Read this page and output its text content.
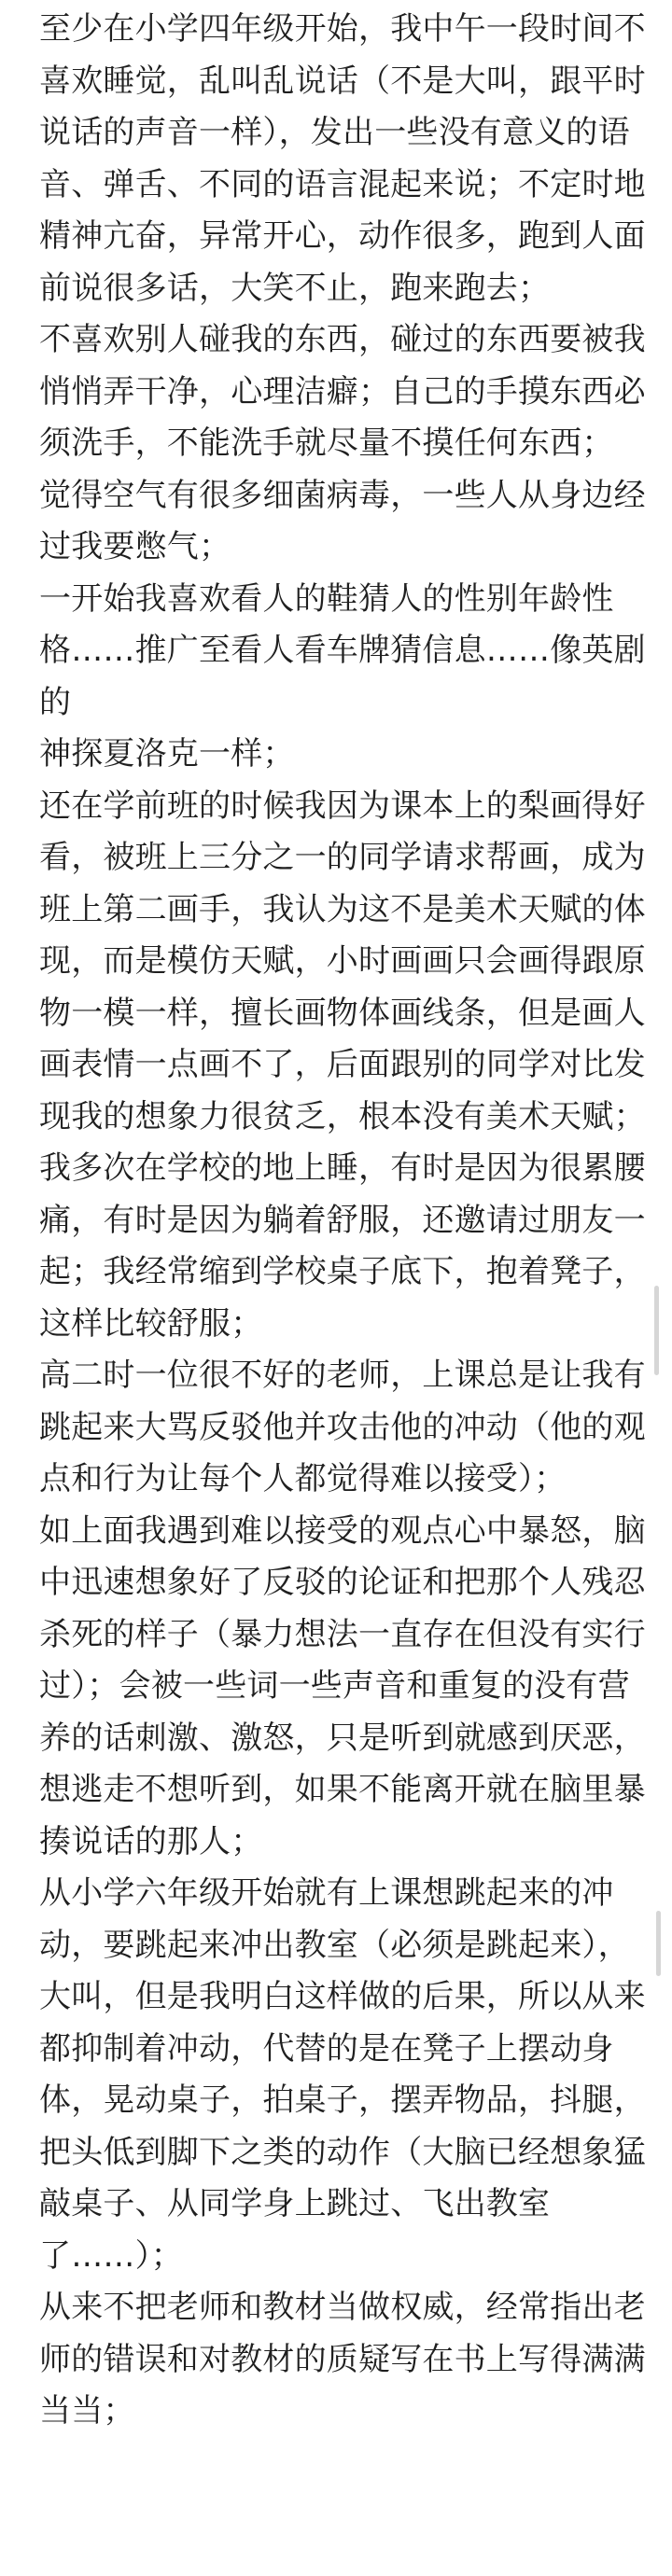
至少在小学四年级开始，我中午一段时间不

喜欢睡觉，乱叫乱说话（不是大叫，跟平时

说话的声音一样），发出一些没有意义的语

音、弹舌、不同的语言混起来说；不定时地

精神亢奋，异常开心，动作很多，跑到人面

前说很多话，大笑不止，跑来跑去；

不喜欢别人碰我的东西，碰过的东西要被我

悄悄弄干净，心理洁癖；自己的手摸东西必

须洗手，不能洗手就尽量不摸任何东西；

觉得空气有很多细菌病毒，一些人从身边经

过我要憋气；

一开始我喜欢看人的鞋猜人的性别年龄性

格……推广至看人看车牌猜信息……像英剧的

神探夏洛克一样；

还在学前班的时候我因为课本上的梨画得好

看，被班上三分之一的同学请求帮画，成为

班上第二画手，我认为这不是美术天赋的体

现，而是模仿天赋，小时画画只会画得跟原

物一模一样，擅长画物体画线条，但是画人

画表情一点画不了，后面跟别的同学对比发

现我的想象力很贫乏，根本没有美术天赋；

我多次在学校的地上睡，有时是因为很累腰

痛，有时是因为躺着舒服，还邀请过朋友一

起；我经常缩到学校桌子底下，抱着凳子，

这样比较舒服；

高二时一位很不好的老师，上课总是让我有

跳起来大骂反驳他并攻击他的冲动（他的观

点和行为让每个人都觉得难以接受）；

如上面我遇到难以接受的观点心中暴怒，脑

中迅速想象好了反驳的论证和把那个人残忍

杀死的样子（暴力想法一直存在但没有实行

过）；会被一些词一些声音和重复的没有营

养的话刺激、激怒，只是听到就感到厌恶，

想逃走不想听到，如果不能离开就在脑里暴

揍说话的那人；

从小学六年级开始就有上课想跳起来的冲

动，要跳起来冲出教室（必须是跳起来），

大叫，但是我明白这样做的后果，所以从来

都抑制着冲动，代替的是在凳子上摆动身

体，晃动桌子，拍桌子，摆弄物品，抖腿，

把头低到脚下之类的动作（大脑已经想象猛

敲桌子、从同学身上跳过、飞出教室

了……）；

从来不把老师和教材当做权威，经常指出老

师的错误和对教材的质疑写在书上写得满满

当当；
